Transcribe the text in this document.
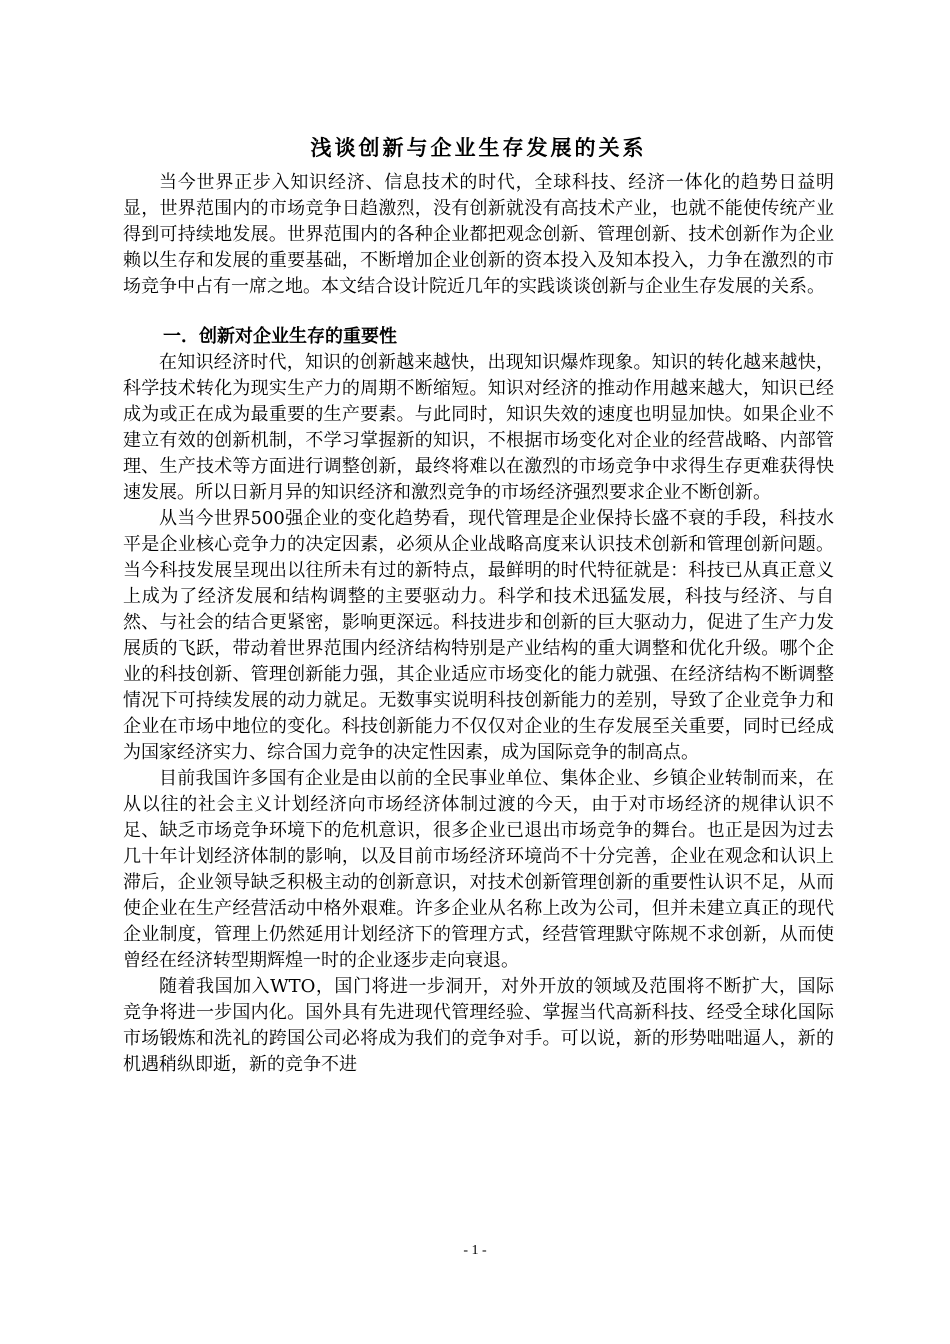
浅谈创新与企业生存发展的关系

当今世界正步入知识经济、信息技术的时代，全球科技、经济一体化的趋势日益明显，世界范围内的市场竞争日趋激烈，没有创新就没有高技术产业，也就不能使传统产业得到可持续地发展。世界范围内的各种企业都把观念创新、管理创新、技术创新作为企业赖以生存和发展的重要基础，不断增加企业创新的资本投入及知本投入，力争在激烈的市场竞争中占有一席之地。本文结合设计院近几年的实践谈谈创新与企业生存发展的关系。

一．创新对企业生存的重要性

在知识经济时代，知识的创新越来越快，出现知识爆炸现象。知识的转化越来越快，科学技术转化为现实生产力的周期不断缩短。知识对经济的推动作用越来越大，知识已经成为或正在成为最重要的生产要素。与此同时，知识失效的速度也明显加快。如果企业不建立有效的创新机制，不学习掌握新的知识，不根据市场变化对企业的经营战略、内部管理、生产技术等方面进行调整创新，最终将难以在激烈的市场竞争中求得生存更难获得快速发展。所以日新月异的知识经济和激烈竞争的市场经济强烈要求企业不断创新。

从当今世界500强企业的变化趋势看，现代管理是企业保持长盛不衰的手段，科技水平是企业核心竞争力的决定因素，必须从企业战略高度来认识技术创新和管理创新问题。当今科技发展呈现出以往所未有过的新特点，最鲜明的时代特征就是：科技已从真正意义上成为了经济发展和结构调整的主要驱动力。科学和技术迅猛发展，科技与经济、与自然、与社会的结合更紧密，影响更深远。科技进步和创新的巨大驱动力，促进了生产力发展质的飞跃，带动着世界范围内经济结构特别是产业结构的重大调整和优化升级。哪个企业的科技创新、管理创新能力强，其企业适应市场变化的能力就强、在经济结构不断调整情况下可持续发展的动力就足。无数事实说明科技创新能力的差别，导致了企业竞争力和企业在市场中地位的变化。科技创新能力不仅仅对企业的生存发展至关重要，同时已经成为国家经济实力、综合国力竞争的决定性因素，成为国际竞争的制高点。

目前我国许多国有企业是由以前的全民事业单位、集体企业、乡镇企业转制而来，在从以往的社会主义计划经济向市场经济体制过渡的今天，由于对市场经济的规律认识不足、缺乏市场竞争环境下的危机意识，很多企业已退出市场竞争的舞台。也正是因为过去几十年计划经济体制的影响，以及目前市场经济环境尚不十分完善，企业在观念和认识上滞后，企业领导缺乏积极主动的创新意识，对技术创新管理创新的重要性认识不足，从而使企业在生产经营活动中格外艰难。许多企业从名称上改为公司，但并未建立真正的现代企业制度，管理上仍然延用计划经济下的管理方式，经营管理默守陈规不求创新，从而使曾经在经济转型期辉煌一时的企业逐步走向衰退。

随着我国加入WTO，国门将进一步洞开，对外开放的领域及范围将不断扩大，国际竞争将进一步国内化。国外具有先进现代管理经验、掌握当代高新科技、经受全球化国际市场锻炼和洗礼的跨国公司必将成为我们的竞争对手。可以说，新的形势咄咄逼人，新的机遇稍纵即逝，新的竞争不进

- 1 -
